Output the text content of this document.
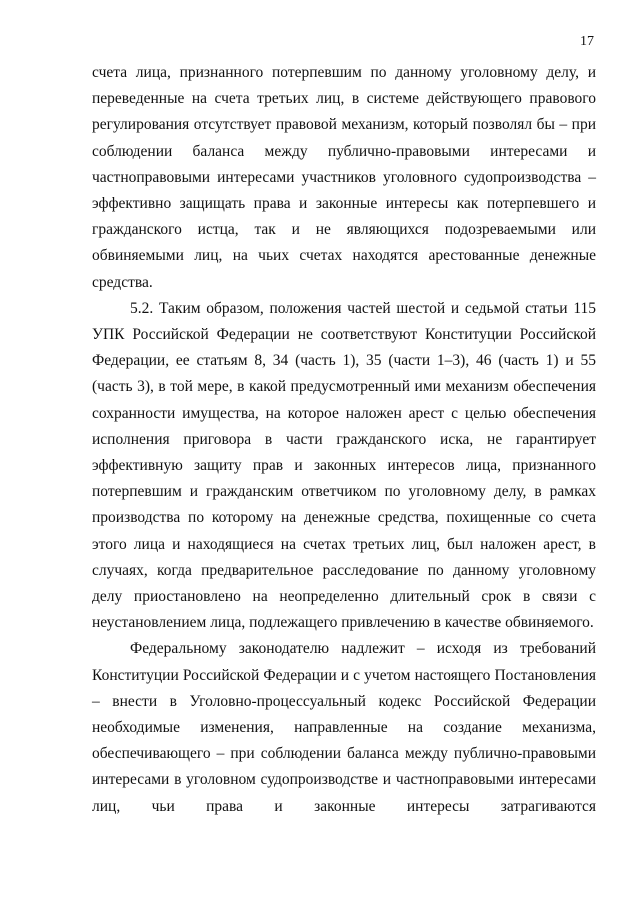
17

счета лица, признанного потерпевшим по данному уголовному делу, и переведенные на счета третьих лиц, в системе действующего правового регулирования отсутствует правовой механизм, который позволял бы – при соблюдении баланса между публично-правовыми интересами и частноправовыми интересами участников уголовного судопроизводства – эффективно защищать права и законные интересы как потерпевшего и гражданского истца, так и не являющихся подозреваемыми или обвиняемыми лиц, на чьих счетах находятся арестованные денежные средства.

5.2. Таким образом, положения частей шестой и седьмой статьи 115 УПК Российской Федерации не соответствуют Конституции Российской Федерации, ее статьям 8, 34 (часть 1), 35 (части 1–3), 46 (часть 1) и 55 (часть 3), в той мере, в какой предусмотренный ими механизм обеспечения сохранности имущества, на которое наложен арест с целью обеспечения исполнения приговора в части гражданского иска, не гарантирует эффективную защиту прав и законных интересов лица, признанного потерпевшим и гражданским ответчиком по уголовному делу, в рамках производства по которому на денежные средства, похищенные со счета этого лица и находящиеся на счетах третьих лиц, был наложен арест, в случаях, когда предварительное расследование по данному уголовному делу приостановлено на неопределенно длительный срок в связи с неустановлением лица, подлежащего привлечению в качестве обвиняемого.

Федеральному законодателю надлежит – исходя из требований Конституции Российской Федерации и с учетом настоящего Постановления – внести в Уголовно-процессуальный кодекс Российской Федерации необходимые изменения, направленные на создание механизма, обеспечивающего – при соблюдении баланса между публично-правовыми интересами в уголовном судопроизводстве и частноправовыми интересами лиц, чьи права и законные интересы затрагиваются
